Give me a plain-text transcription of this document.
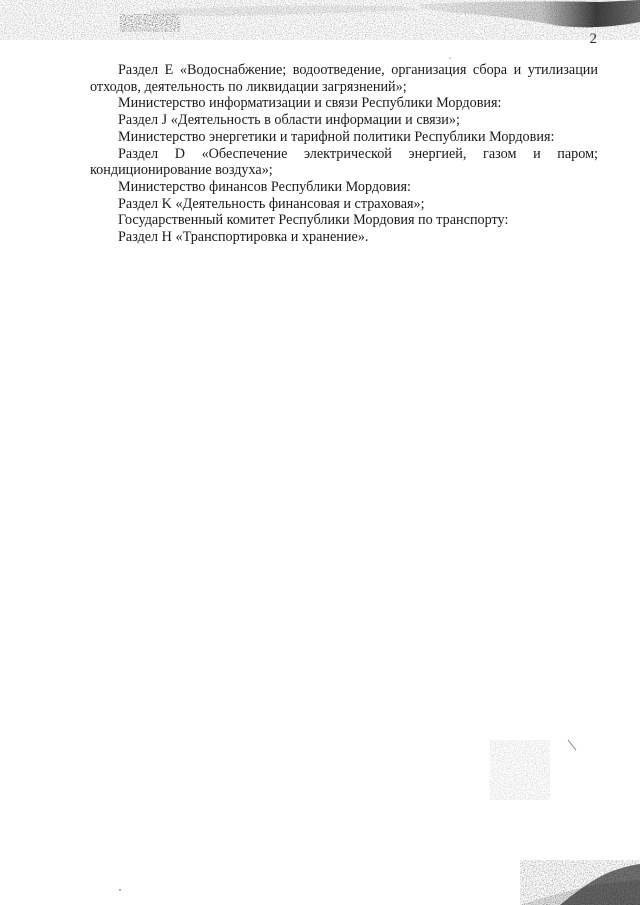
2

Раздел E «Водоснабжение; водоотведение, организация сбора и утилизации отходов, деятельность по ликвидации загрязнений»;

Министерство информатизации и связи Республики Мордовия:

Раздел J «Деятельность в области информации и связи»;

Министерство энергетики и тарифной политики Республики Мордовия:

Раздел D «Обеспечение электрической энергией, газом и паром; кондиционирование воздуха»;

Министерство финансов Республики Мордовия:

Раздел K «Деятельность финансовая и страховая»;

Государственный комитет Республики Мордовия по транспорту:

Раздел H «Транспортировка и хранение».
